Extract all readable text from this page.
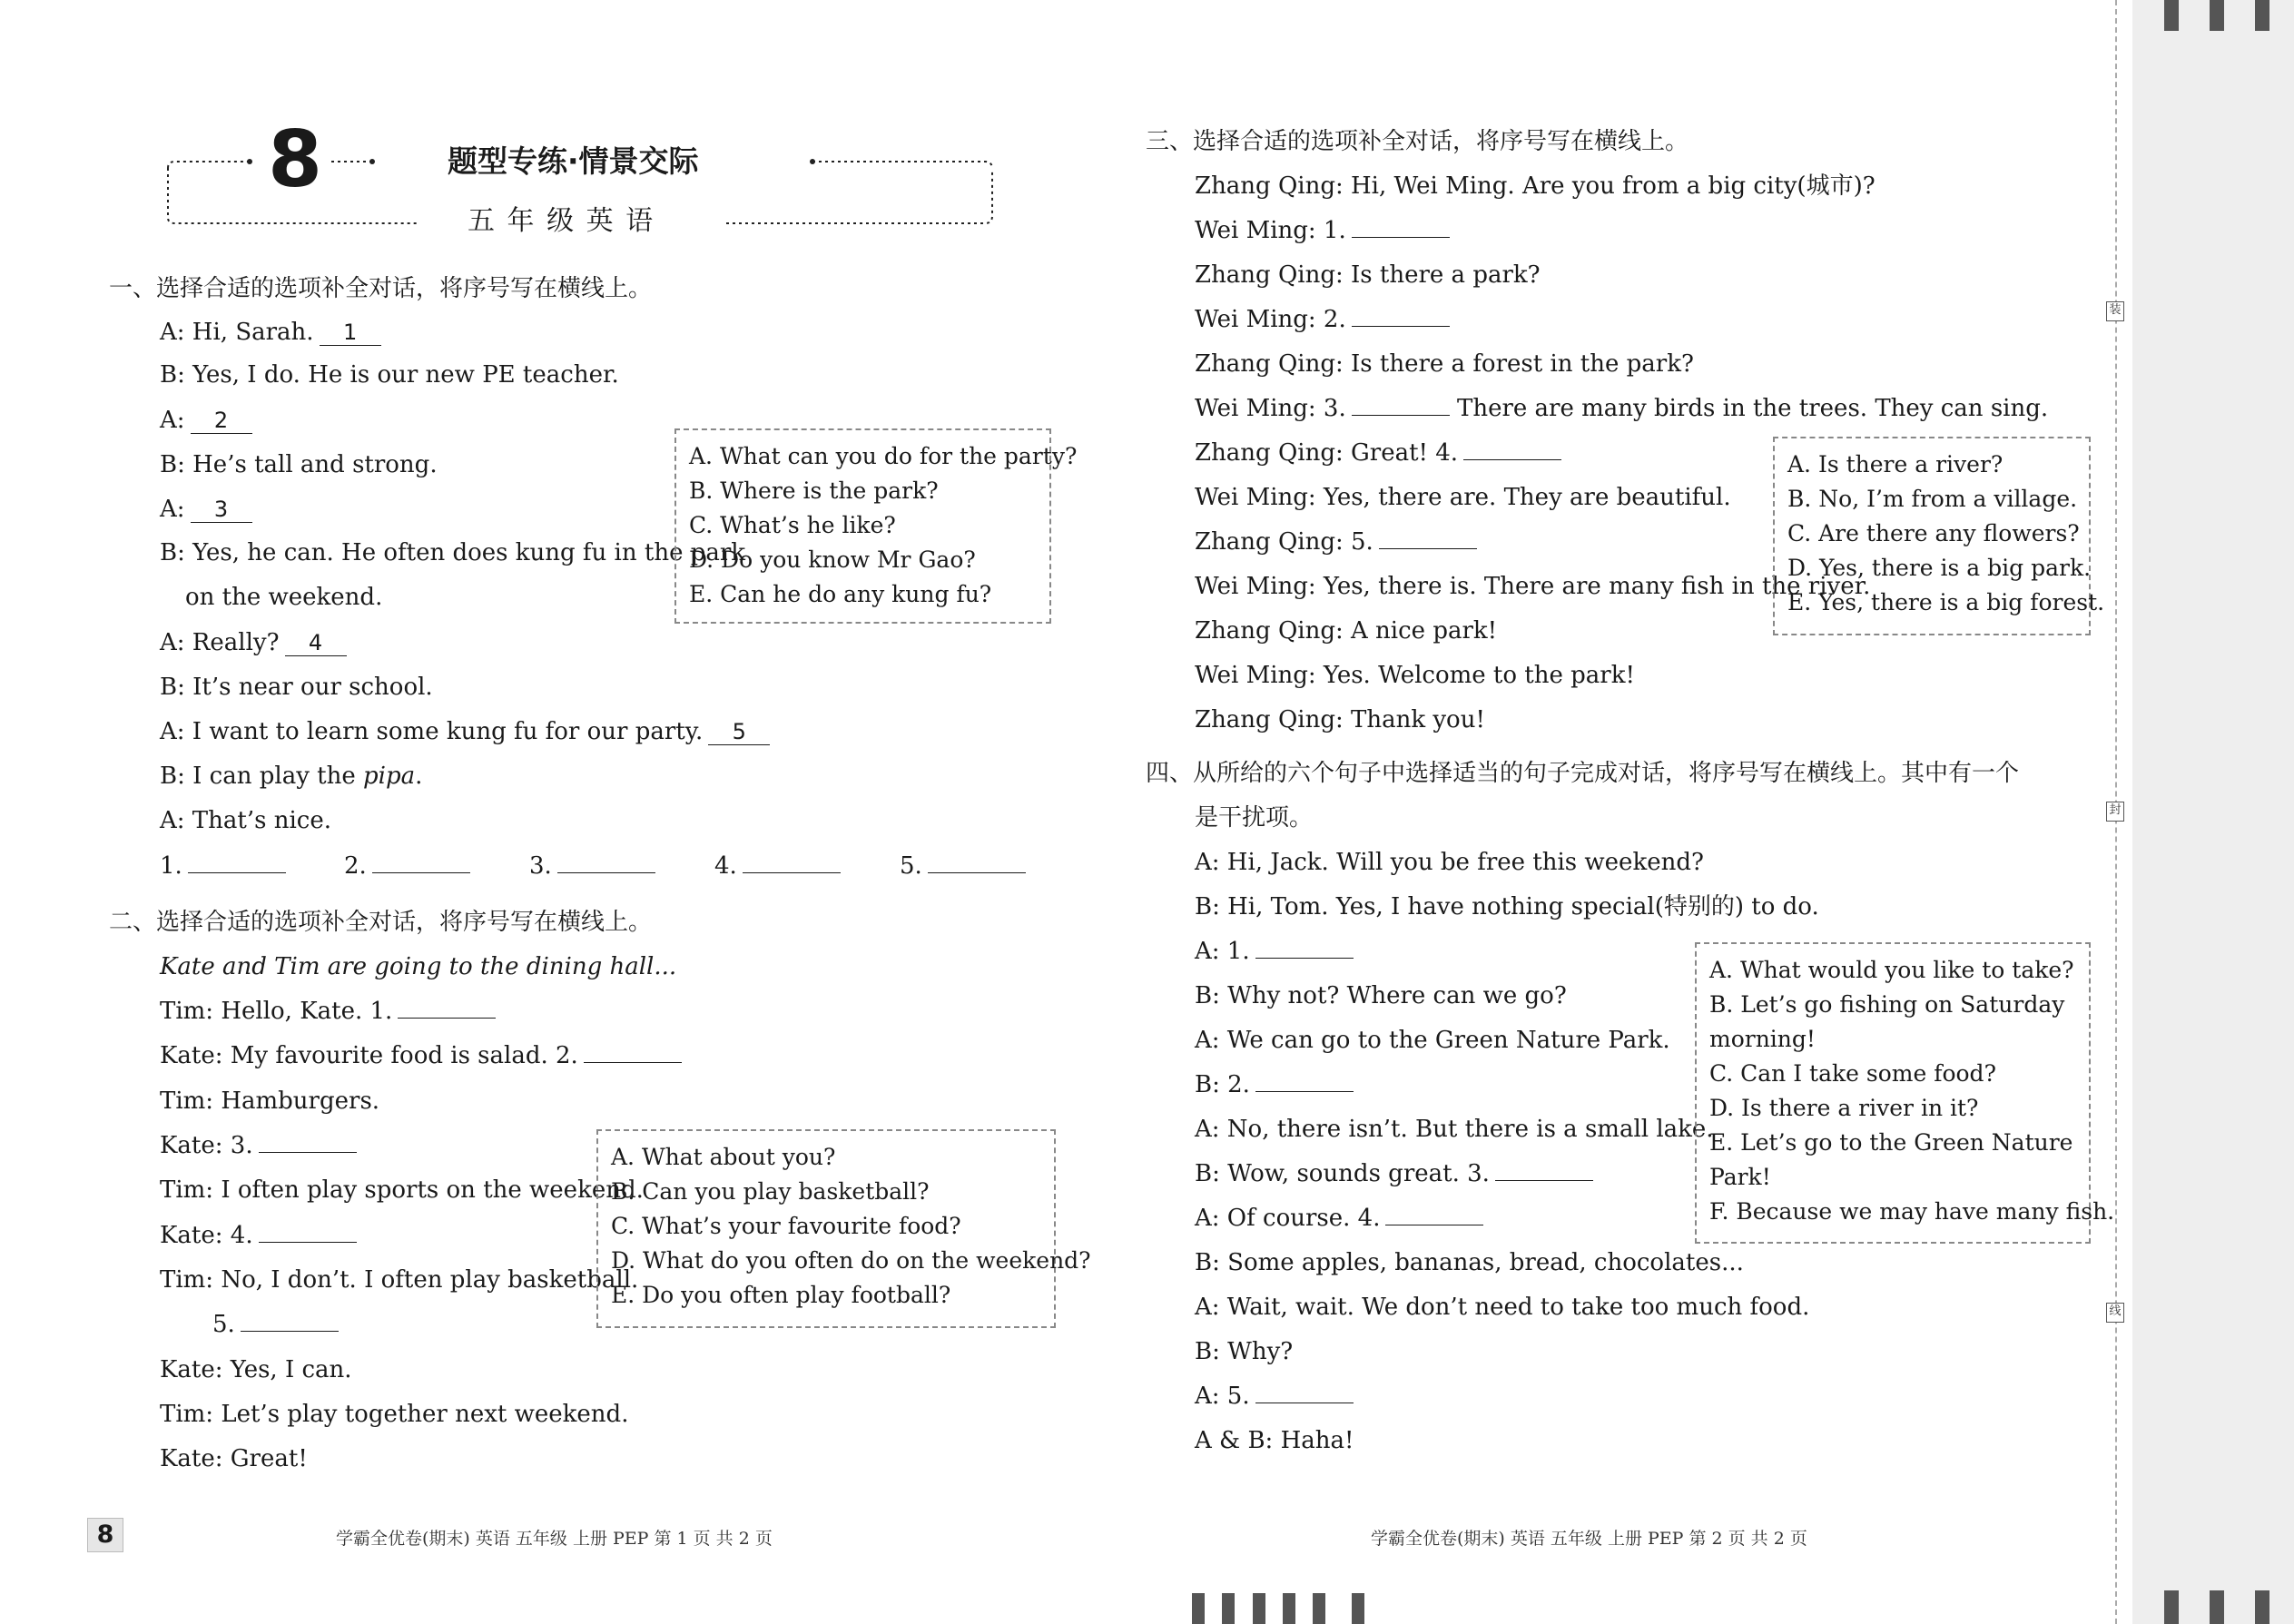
8	题型专练·情景交际
五 年 级 英 语
一、选择合适的选项补全对话，将序号写在横线上。
A: Hi, Sarah. 1
B: Yes, I do. He is our new PE teacher.
A: 2
B: He’s tall and strong.
A: 3
B: Yes, he can. He often does kung fu in the park
on the weekend.
A: Really? 4
B: It’s near our school.
A: I want to learn some kung fu for our party. 5
B: I can play the pipa.
A: That’s nice.
1.	2.	3.	4.	5.
A. What can you do for the party?
B. Where is the park?
C. What’s he like?
D. Do you know Mr Gao?
E. Can he do any kung fu?
二、选择合适的选项补全对话，将序号写在横线上。
Kate and Tim are going to the dining hall...
Tim: Hello, Kate. 1.
Kate: My favourite food is salad. 2.
Tim: Hamburgers.
Kate: 3.
Tim: I often play sports on the weekend.
Kate: 4.
Tim: No, I don’t. I often play basketball.
5.
Kate: Yes, I can.
Tim: Let’s play together next weekend.
Kate: Great!
A. What about you?
B. Can you play basketball?
C. What’s your favourite food?
D. What do you often do on the weekend?
E. Do you often play football?
三、选择合适的选项补全对话，将序号写在横线上。
Zhang Qing: Hi, Wei Ming. Are you from a big city(城市)?
Wei Ming: 1.
Zhang Qing: Is there a park?
Wei Ming: 2.
Zhang Qing: Is there a forest in the park?
Wei Ming: 3.	There are many birds in the trees. They can sing.
Zhang Qing: Great! 4.
Wei Ming: Yes, there are. They are beautiful.
Zhang Qing: 5.
Wei Ming: Yes, there is. There are many fish in the river.
Zhang Qing: A nice park!
Wei Ming: Yes. Welcome to the park!
Zhang Qing: Thank you!
A. Is there a river?
B. No, I’m from a village.
C. Are there any flowers?
D. Yes, there is a big park.
E. Yes, there is a big forest.
四、从所给的六个句子中选择适当的句子完成对话，将序号写在横线上。其中有一个
是干扰项。
A: Hi, Jack. Will you be free this weekend?
B: Hi, Tom. Yes, I have nothing special(特别的) to do.
A: 1.
B: Why not? Where can we go?
A: We can go to the Green Nature Park.
B: 2.
A: No, there isn’t. But there is a small lake.
B: Wow, sounds great. 3.
A: Of course. 4.
B: Some apples, bananas, bread, chocolates...
A: Wait, wait. We don’t need to take too much food.
B: Why?
A: 5.
A & B: Haha!
A. What would you like to take?
B. Let’s go fishing on Saturday morning!
C. Can I take some food?
D. Is there a river in it?
E. Let’s go to the Green Nature Park!
F. Because we may have many fish.
8	学霸全优卷(期末) 英语 五年级 上册 PEP 第 1 页 共 2 页	学霸全优卷(期末) 英语 五年级 上册 PEP 第 2 页 共 2 页
装
封
线
